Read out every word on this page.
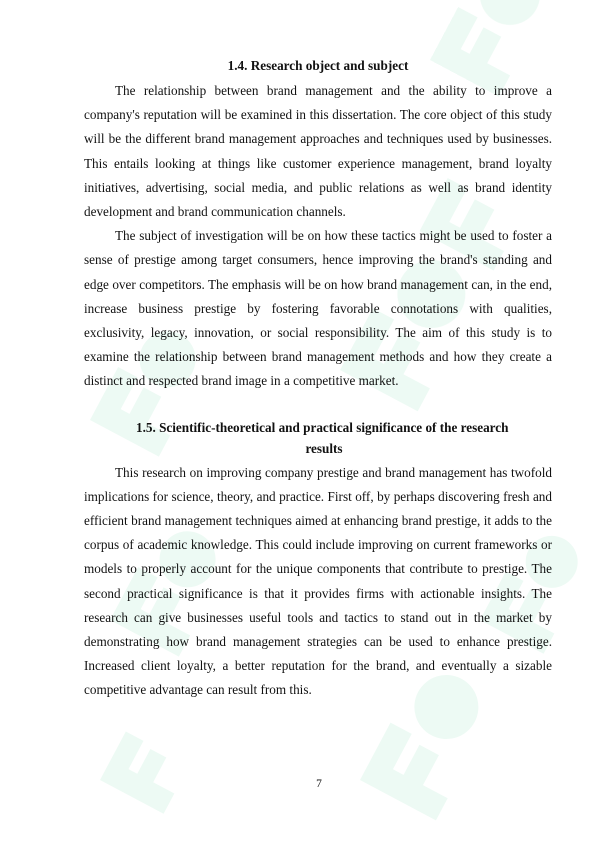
1.4. Research object and subject

The relationship between brand management and the ability to improve a company's reputation will be examined in this dissertation. The core object of this study will be the different brand management approaches and techniques used by businesses. This entails looking at things like customer experience management, brand loyalty initiatives, advertising, social media, and public relations as well as brand identity development and brand communication channels.

The subject of investigation will be on how these tactics might be used to foster a sense of prestige among target consumers, hence improving the brand's standing and edge over competitors. The emphasis will be on how brand management can, in the end, increase business prestige by fostering favorable connotations with qualities, exclusivity, legacy, innovation, or social responsibility. The aim of this study is to examine the relationship between brand management methods and how they create a distinct and respected brand image in a competitive market.

1.5. Scientific-theoretical and practical significance of the research
results

This research on improving company prestige and brand management has twofold implications for science, theory, and practice. First off, by perhaps discovering fresh and efficient brand management techniques aimed at enhancing brand prestige, it adds to the corpus of academic knowledge. This could include improving on current frameworks or models to properly account for the unique components that contribute to prestige. The second practical significance is that it provides firms with actionable insights. The research can give businesses useful tools and tactics to stand out in the market by demonstrating how brand management strategies can be used to enhance prestige. Increased client loyalty, a better reputation for the brand, and eventually a sizable competitive advantage can result from this.

7
